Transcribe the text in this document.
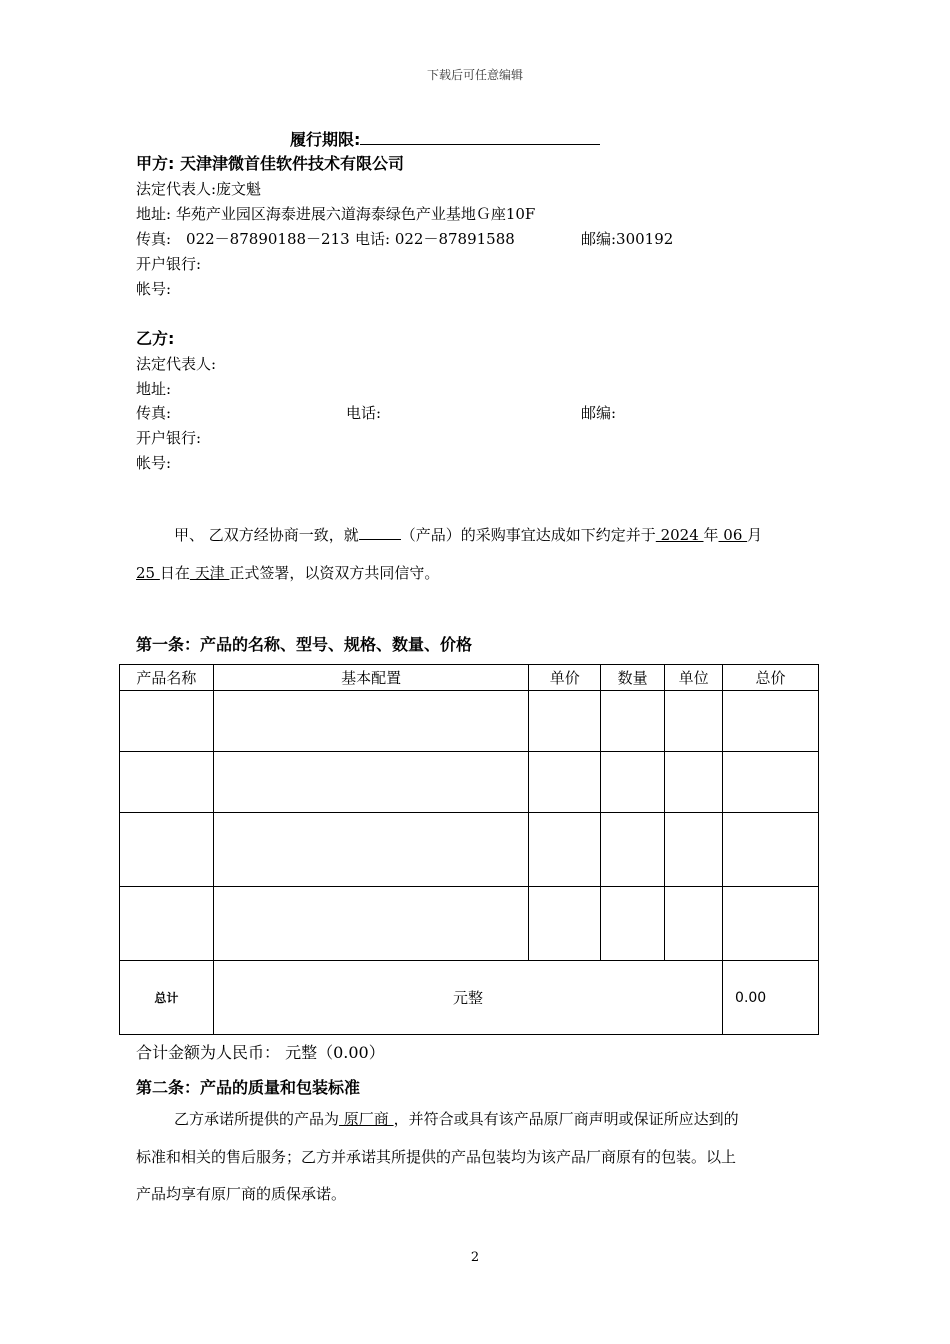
下载后可任意编辑
履行期限:
甲方: 天津津微首佳软件技术有限公司
法定代表人:庞文魁
地址: 华苑产业园区海泰进展六道海泰绿色产业基地Ｇ座10F
传真:　022－87890188－213 电话: 022－87891588	邮编:300192
开户银行:
帐号:
乙方:
法定代表人:
地址:
传真:	电话:	邮编:
开户银行:
帐号:
甲、 乙双方经协商一致，就	（产品）的采购事宜达成如下约定并于 2024 年 06 月
25 日在 天津 正式签署，以资双方共同信守。
第一条：产品的名称、型号、规格、数量、价格
产品名称	基本配置	单价	数量	单位	总价

总计	元整				0.00
合计金额为人民币： 元整（0.00）
第二条：产品的质量和包装标准
乙方承诺所提供的产品为 原厂商 ，并符合或具有该产品原厂商声明或保证所应达到的
标准和相关的售后服务；乙方并承诺其所提供的产品包装均为该产品厂商原有的包装。以上
产品均享有原厂商的质保承诺。
2
